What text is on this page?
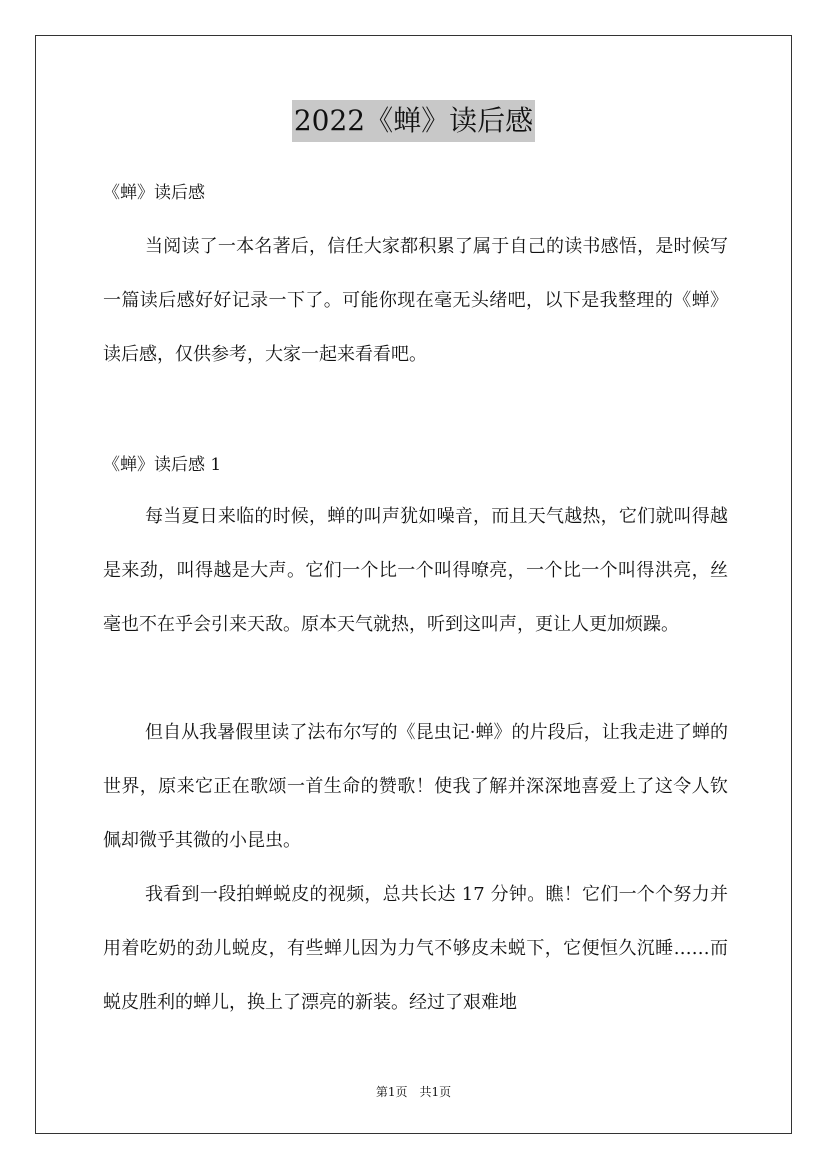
2022《蝉》读后感
《蝉》读后感

当阅读了一本名著后，信任大家都积累了属于自己的读书感悟，是时候写一篇读后感好好记录一下了。可能你现在毫无头绪吧，以下是我整理的《蝉》读后感，仅供参考，大家一起来看看吧。

《蝉》读后感 1

每当夏日来临的时候，蝉的叫声犹如噪音，而且天气越热，它们就叫得越是来劲，叫得越是大声。它们一个比一个叫得嘹亮，一个比一个叫得洪亮，丝毫也不在乎会引来天敌。原本天气就热，听到这叫声，更让人更加烦躁。

但自从我暑假里读了法布尔写的《昆虫记·蝉》的片段后，让我走进了蝉的世界，原来它正在歌颂一首生命的赞歌！使我了解并深深地喜爱上了这令人钦佩却微乎其微的小昆虫。

我看到一段拍蝉蜕皮的视频，总共长达 17 分钟。瞧！它们一个个努力并用着吃奶的劲儿蜕皮，有些蝉儿因为力气不够皮未蜕下，它便恒久沉睡……而蜕皮胜利的蝉儿，换上了漂亮的新装。经过了艰难地

第1页　共1页
